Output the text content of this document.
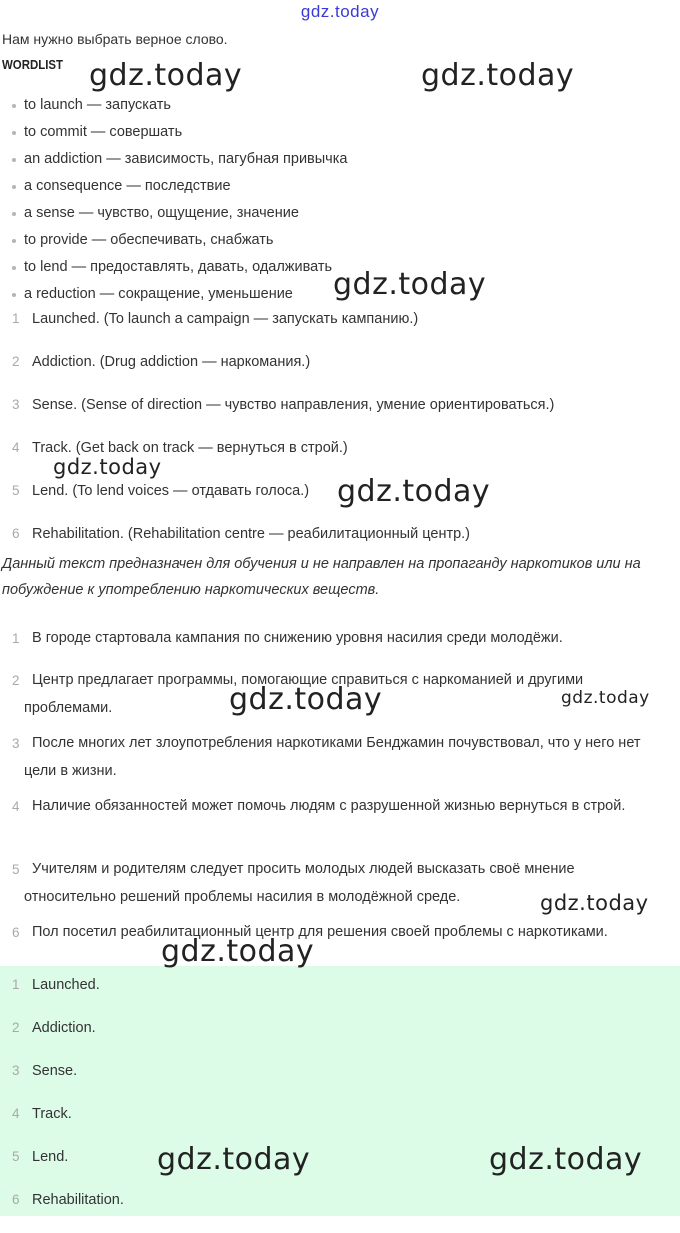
gdz.today
Нам нужно выбрать верное слово.
WORDLIST
to launch — запускать
to commit — совершать
an addiction — зависимость, пагубная привычка
a consequence — последствие
a sense — чувство, ощущение, значение
to provide — обеспечивать, снабжать
to lend — предоставлять, давать, одалживать
a reduction — сокращение, уменьшение
1 Launched. (To launch a campaign — запускать кампанию.)
2 Addiction. (Drug addiction — наркомания.)
3 Sense. (Sense of direction — чувство направления, умение ориентироваться.)
4 Track. (Get back on track — вернуться в строй.)
5 Lend. (To lend voices — отдавать голоса.)
6 Rehabilitation. (Rehabilitation centre — реабилитационный центр.)
Данный текст предназначен для обучения и не направлен на пропаганду наркотиков или на побуждение к употреблению наркотических веществ.
1 В городе стартовала кампания по снижению уровня насилия среди молодёжи.
2 Центр предлагает программы, помогающие справиться с наркоманией и другими проблемами.
3 После многих лет злоупотребления наркотиками Бенджамин почувствовал, что у него нет цели в жизни.
4 Наличие обязанностей может помочь людям с разрушенной жизнью вернуться в строй.
5 Учителям и родителям следует просить молодых людей высказать своё мнение относительно решений проблемы насилия в молодёжной среде.
6 Пол посетил реабилитационный центр для решения своей проблемы с наркотиками.
1 Launched.
2 Addiction.
3 Sense.
4 Track.
5 Lend.
6 Rehabilitation.
gdz.today	gdz.today
gdz.today
gdz.today
gdz.today
gdz.today	gdz.today
gdz.today
gdz.today
gdz.today	gdz.today
